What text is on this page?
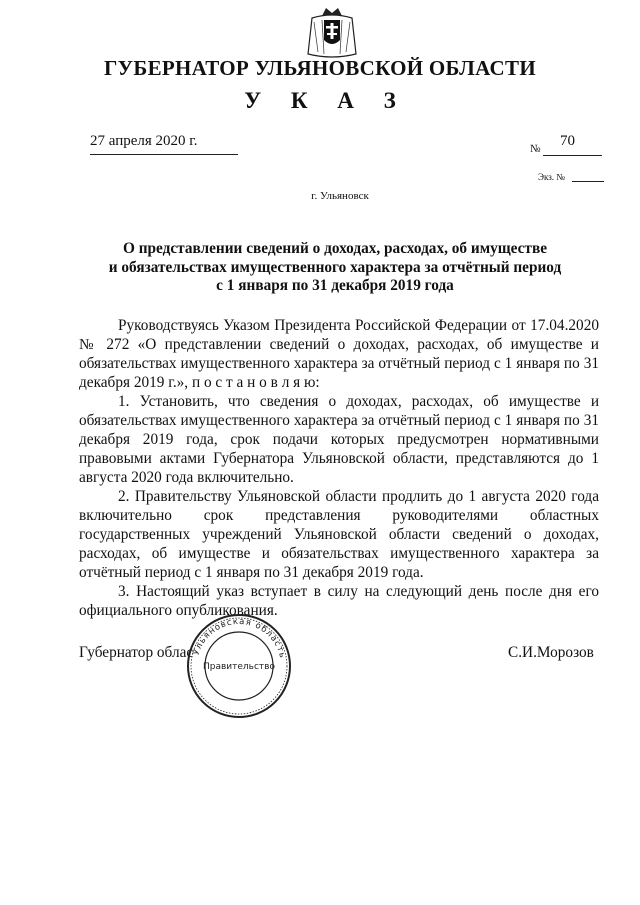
ГУБЕРНАТОР УЛЬЯНОВСКОЙ ОБЛАСТИ
У К А З
27 апреля 2020 г.	№ 70
Экз. №
г. Ульяновск
О представлении сведений о доходах, расходах, об имуществе
и обязательствах имущественного характера за отчётный период
с 1 января по 31 декабря 2019 года

Руководствуясь Указом Президента Российской Федерации от 17.04.2020 № 272 «О представлении сведений о доходах, расходах, об имуществе и обязательствах имущественного характера за отчётный период с 1 января по 31 декабря 2019 г.», п о с т а н о в л я ю:

1. Установить, что сведения о доходах, расходах, об имуществе и обязательствах имущественного характера за отчётный период с 1 января по 31 декабря 2019 года, срок подачи которых предусмотрен нормативными правовыми актами Губернатора Ульяновской области, представляются до 1 августа 2020 года включительно.

2. Правительству Ульяновской области продлить до 1 августа 2020 года включительно срок представления руководителями областных государственных учреждений Ульяновской области сведений о доходах, расходах, об имуществе и обязательствах имущественного характера за отчётный период с 1 января по 31 декабря 2019 года.

3. Настоящий указ вступает в силу на следующий день после дня его официального опубликования.

Губернатор облас	С.И.Морозов
Ульяновская область
Правительство
